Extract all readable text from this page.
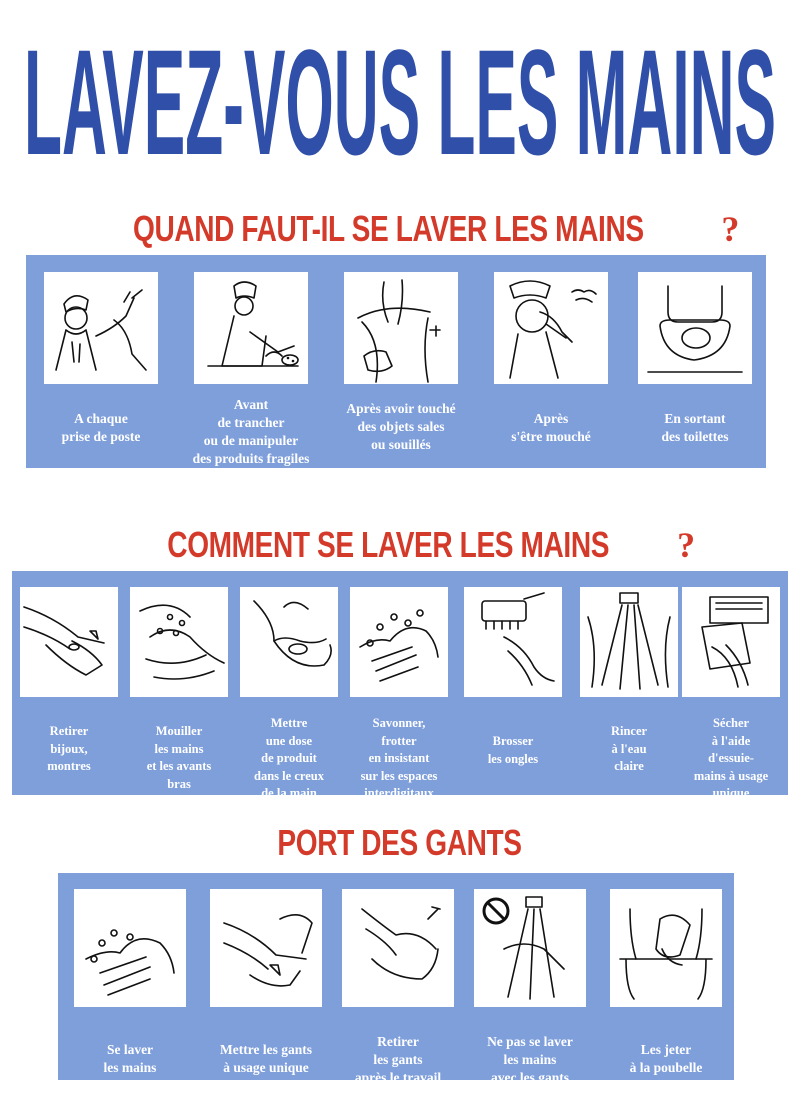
LAVEZ-VOUS LES MAINS
QUAND FAUT-IL SE LAVER LES MAINS ?
A chaque
prise de poste
Avant
de trancher
ou de manipuler
des produits fragiles
Après avoir touché
des objets sales
ou souillés
Après
s'être mouché
En sortant
des toilettes
COMMENT SE LAVER LES MAINS ?
Retirer
bijoux,
montres
Mouiller
les mains
et les avants
bras
Mettre
une dose
de produit
dans le creux
de la main
Savonner,
frotter
en insistant
sur les espaces
interdigitaux
Brosser
les ongles
Rincer
à l'eau
claire
Sécher
à l'aide
d'essuie-
mains à usage
unique
PORT DES GANTS
Se laver
les mains
Mettre les gants
à usage unique
Retirer
les gants
après le travail
Ne pas se laver
les mains
avec les gants
Les jeter
à la poubelle
